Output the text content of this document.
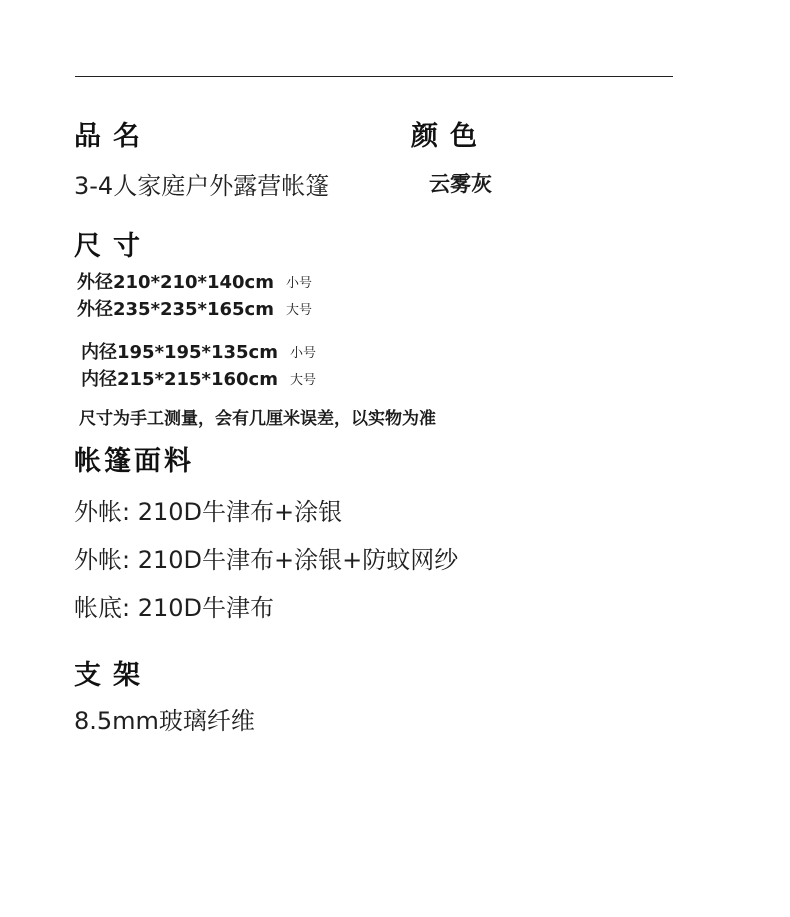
品名	颜色
3-4人家庭户外露营帐篷	云雾灰
尺寸
外径210*210*140cm 小号
外径235*235*165cm 大号
内径195*195*135cm 小号
内径215*215*160cm 大号
尺寸为手工测量，会有几厘米误差，以实物为准
帐篷面料
外帐: 210D牛津布+涂银
外帐: 210D牛津布+涂银+防蚊网纱
帐底: 210D牛津布
支架
8.5mm玻璃纤维
